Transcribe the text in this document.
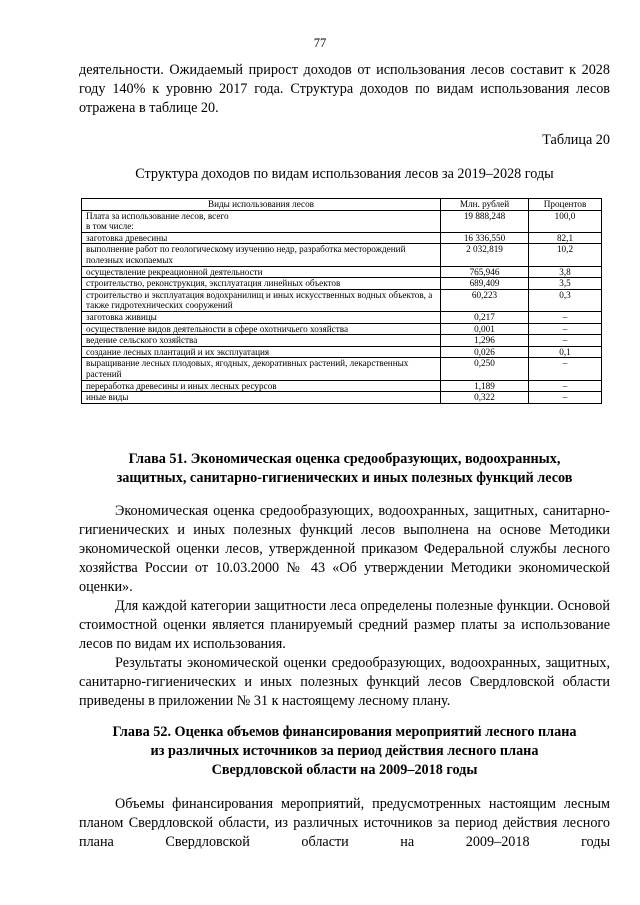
77

деятельности. Ожидаемый прирост доходов от использования лесов составит к 2028 году 140% к уровню 2017 года. Структура доходов по видам использования лесов отражена в таблице 20.

Таблица 20
Структура доходов по видам использования лесов за 2019–2028 годы
Виды использования лесов	Млн. рублей	Процентов

Плата за использование лесов, всего
в том числе:	19 888,248	100,0
заготовка древесины	16 336,550	82,1
выполнение работ по геологическому изучению недр, разработка месторождений полезных ископаемых	2 032,819	10,2
осуществление рекреационной деятельности	765,946	3,8
строительство, реконструкция, эксплуатация линейных объектов	689,409	3,5
строительство и эксплуатация водохранилищ и иных искусственных водных объектов, а также гидротехнических сооружений	60,223	0,3
заготовка живицы	0,217	–
осуществление видов деятельности в сфере охотничьего хозяйства	0,001	–
ведение сельского хозяйства	1,296	–
создание лесных плантаций и их эксплуатация	0,026	0,1
выращивание лесных плодовых, ягодных, декоративных растений, лекарственных растений	0,250	–
переработка древесины и иных лесных ресурсов	1,189	–
иные виды	0,322	–
Глава 51. Экономическая оценка средообразующих, водоохранных,
защитных, санитарно-гигиенических и иных полезных функций лесов

Экономическая оценка средообразующих, водоохранных, защитных, санитарно-гигиенических и иных полезных функций лесов выполнена на основе Методики экономической оценки лесов, утвержденной приказом Федеральной службы лесного хозяйства России от 10.03.2000 № 43 «Об утверждении Методики экономической оценки».

Для каждой категории защитности леса определены полезные функции. Основой стоимостной оценки является планируемый средний размер платы за использование лесов по видам их использования.

Результаты экономической оценки средообразующих, водоохранных, защитных, санитарно-гигиенических и иных полезных функций лесов Свердловской области приведены в приложении № 31 к настоящему лесному плану.

Глава 52. Оценка объемов финансирования мероприятий лесного плана
из различных источников за период действия лесного плана
Свердловской области на 2009–2018 годы

Объемы финансирования мероприятий, предусмотренных настоящим лесным планом Свердловской области, из различных источников за период действия лесного плана Свердловской области на 2009–2018 годы
